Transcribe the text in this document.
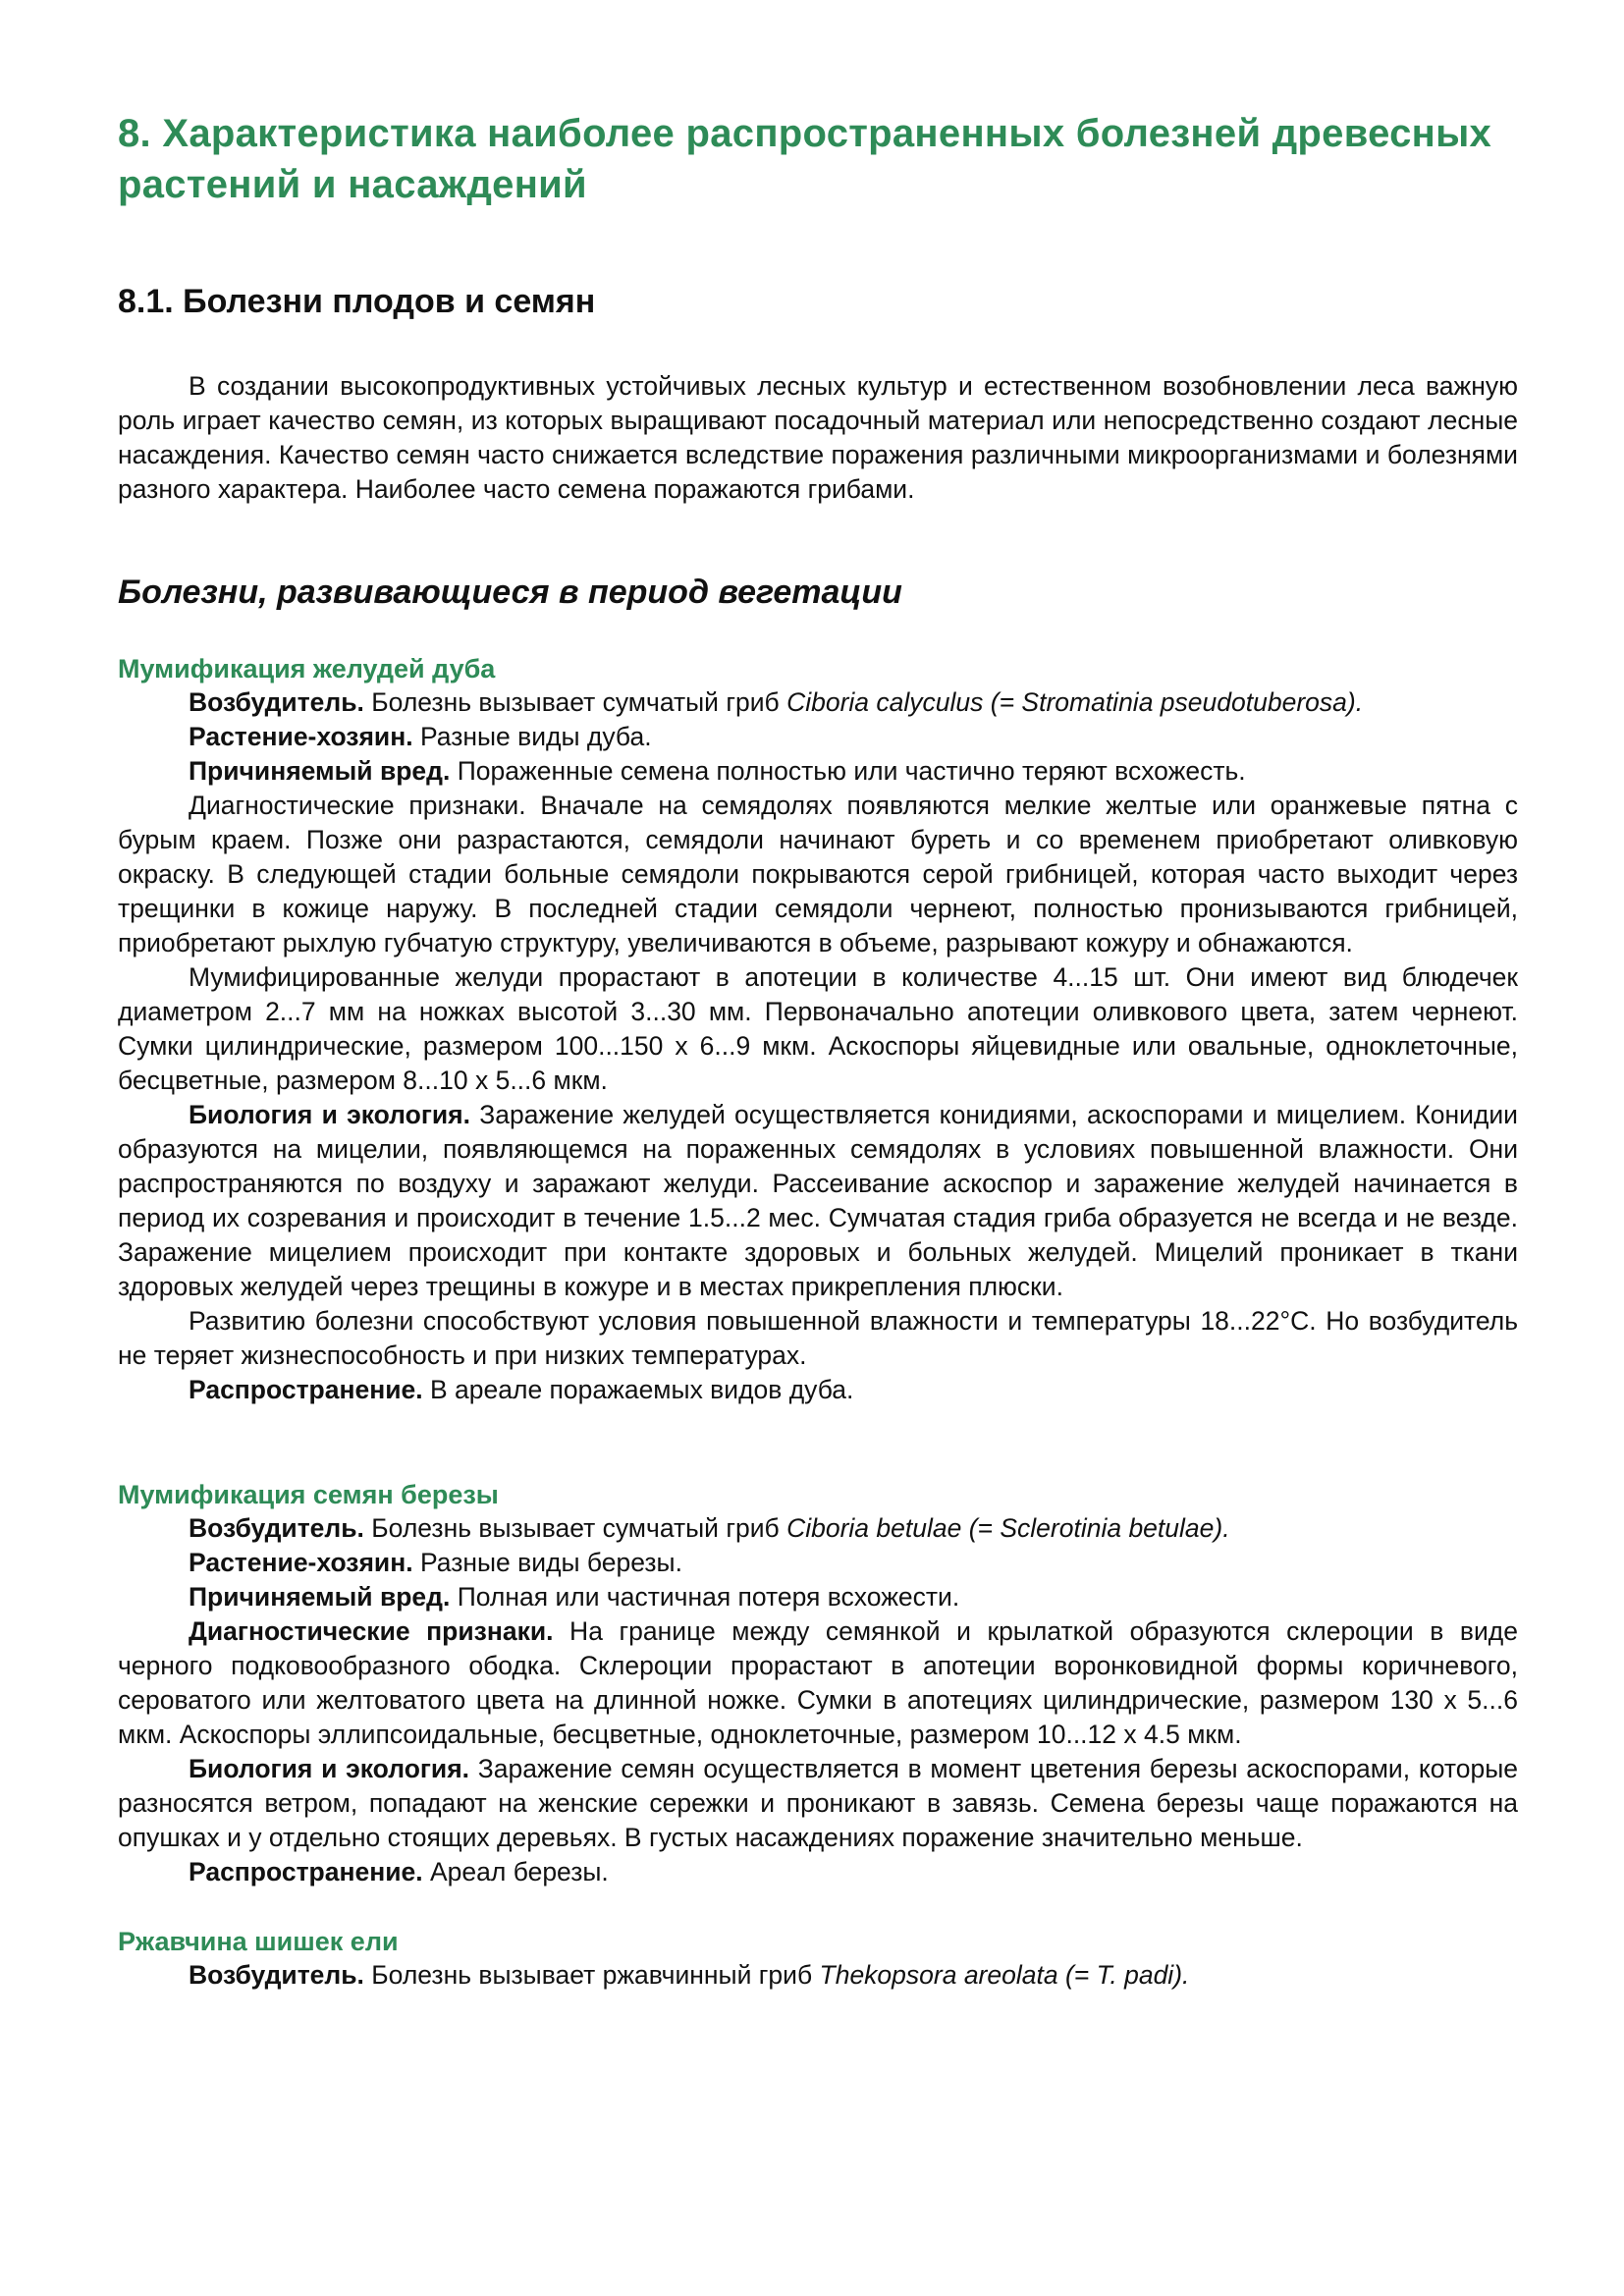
8. Характеристика наиболее распространенных болезней древесных растений и насаждений
8.1. Болезни плодов и семян

В создании высокопродуктивных устойчивых лесных культур и естественном возобновлении леса важную роль играет качество семян, из которых выращивают посадочный материал или непосредственно создают лесные насаждения. Качество семян часто снижается вследствие поражения различными микроорганизмами и болезнями разного характера. Наиболее часто семена поражаются грибами.

Болезни, развивающиеся в период вегетации
Мумификация желудей дуба

Возбудитель. Болезнь вызывает сумчатый гриб Ciboria calyculus (= Stromatinia pseudotuberosa).

Растение-хозяин. Разные виды дуба.

Причиняемый вред. Пораженные семена полностью или частично теряют всхожесть.

Диагностические признаки. Вначале на семядолях появляются мелкие желтые или оранжевые пятна с бурым краем. Позже они разрастаются, семядоли начинают буреть и со временем приобретают оливковую окраску. В следующей стадии больные семядоли покрываются серой грибницей, которая часто выходит через трещинки в кожице наружу. В последней стадии семядоли чернеют, полностью пронизываются грибницей, приобретают рыхлую губчатую структуру, увеличиваются в объеме, разрывают кожуру и обнажаются.

Мумифицированные желуди прорастают в апотеции в количестве 4...15 шт. Они имеют вид блюдечек диаметром 2...7 мм на ножках высотой 3...30 мм. Первоначально апотеции оливкового цвета, затем чернеют. Сумки цилиндрические, размером 100...150 x 6...9 мкм. Аскоспоры яйцевидные или овальные, одноклеточные, бесцветные, размером 8...10 x 5...6 мкм.

Биология и экология. Заражение желудей осуществляется конидиями, аскоспорами и мицелием. Конидии образуются на мицелии, появляющемся на пораженных семядолях в условиях повышенной влажности. Они распространяются по воздуху и заражают желуди. Рассеивание аскоспор и заражение желудей начинается в период их созревания и происходит в течение 1.5...2 мес. Сумчатая стадия гриба образуется не всегда и не везде. Заражение мицелием происходит при контакте здоровых и больных желудей. Мицелий проникает в ткани здоровых желудей через трещины в кожуре и в местах прикрепления плюски.

Развитию болезни способствуют условия повышенной влажности и температуры 18...22°С. Но возбудитель не теряет жизнеспособность и при низких температурах.

Распространение. В ареале поражаемых видов дуба.

Мумификация семян березы

Возбудитель. Болезнь вызывает сумчатый гриб Ciboria betulae (= Sclerotinia betulae).

Растение-хозяин. Разные виды березы.

Причиняемый вред. Полная или частичная потеря всхожести.

Диагностические признаки. На границе между семянкой и крылаткой образуются склероции в виде черного подковообразного ободка. Склероции прорастают в апотеции воронковидной формы коричневого, сероватого или желтоватого цвета на длинной ножке. Сумки в апотециях цилиндрические, размером 130 x 5...6 мкм. Аскоспоры эллипсоидальные, бесцветные, одноклеточные, размером 10...12 x 4.5 мкм.

Биология и экология. Заражение семян осуществляется в момент цветения березы аскоспорами, которые разносятся ветром, попадают на женские сережки и проникают в завязь. Семена березы чаще поражаются на опушках и у отдельно стоящих деревьях. В густых насаждениях поражение значительно меньше.

Распространение. Ареал березы.

Ржавчина шишек ели

Возбудитель. Болезнь вызывает ржавчинный гриб Thekopsora areolata (= T. padi).
